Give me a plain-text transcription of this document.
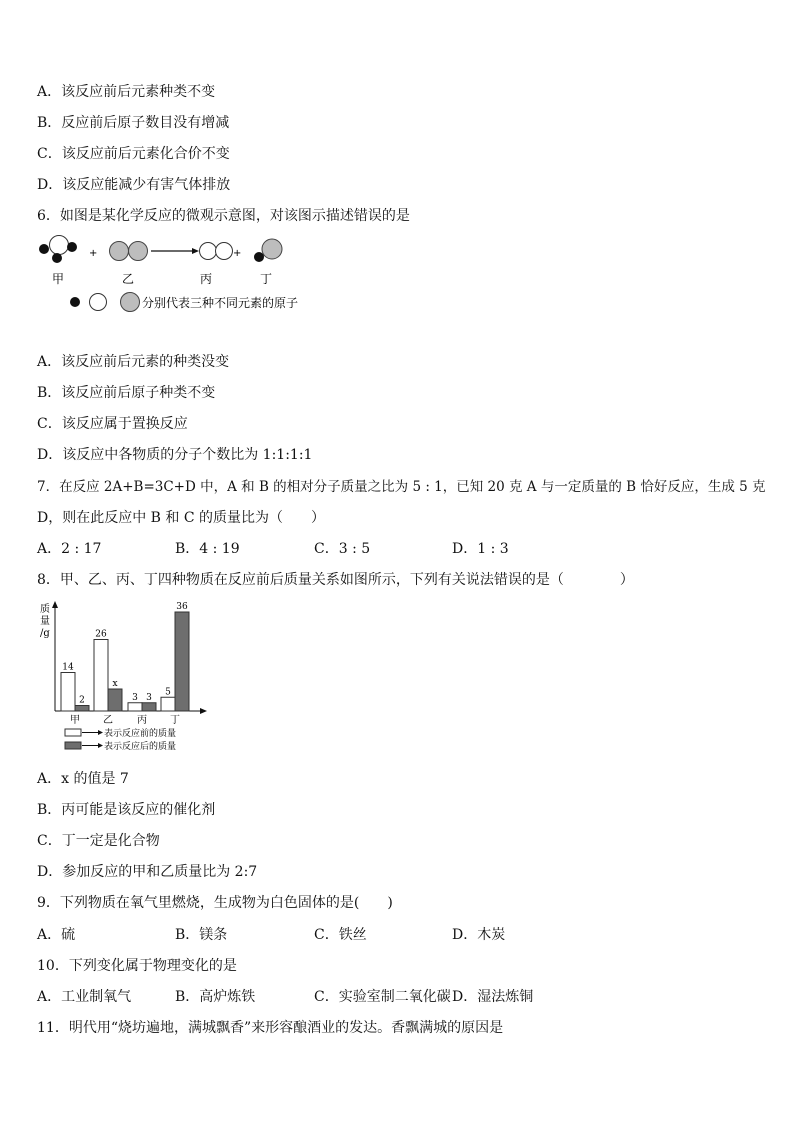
A．该反应前后元素种类不变
B．反应前后原子数目没有增减
C．该反应前后元素化合价不变
D．该反应能减少有害气体排放
6．如图是某化学反应的微观示意图，对该图示描述错误的是
+	+
甲	乙	丙	丁
分别代表三种不同元素的原子
A．该反应前后元素的种类没变
B．该反应前后原子种类不变
C．该反应属于置换反应
D．该反应中各物质的分子个数比为 1:1:1:1
7．在反应 2A+B=3C+D 中，A 和 B 的相对分子质量之比为 5 : 1，已知 20 克 A 与一定质量的 B 恰好反应，生成 5 克
D，则在此反应中 B 和 C 的质量比为（　　）
A．2 : 17	B．4 : 19	C．3 : 5	D．1 : 3
8．甲、乙、丙、丁四种物质在反应前后质量关系如图所示，下列有关说法错误的是（　　　　）
质
量
/g
14
2
26
x
3 3
5
36
甲 乙 丙 丁
表示反应前的质量
表示反应后的质量
A．x 的值是 7
B．丙可能是该反应的催化剂
C．丁一定是化合物
D．参加反应的甲和乙质量比为 2:7
9．下列物质在氧气里燃烧，生成物为白色固体的是(　　)
A．硫	B．镁条	C．铁丝	D．木炭
10．下列变化属于物理变化的是
A．工业制氧气	B．高炉炼铁	C．实验室制二氧化碳 D．湿法炼铜
11．明代用“烧坊遍地，满城飘香”来形容酿酒业的发达。香飘满城的原因是
